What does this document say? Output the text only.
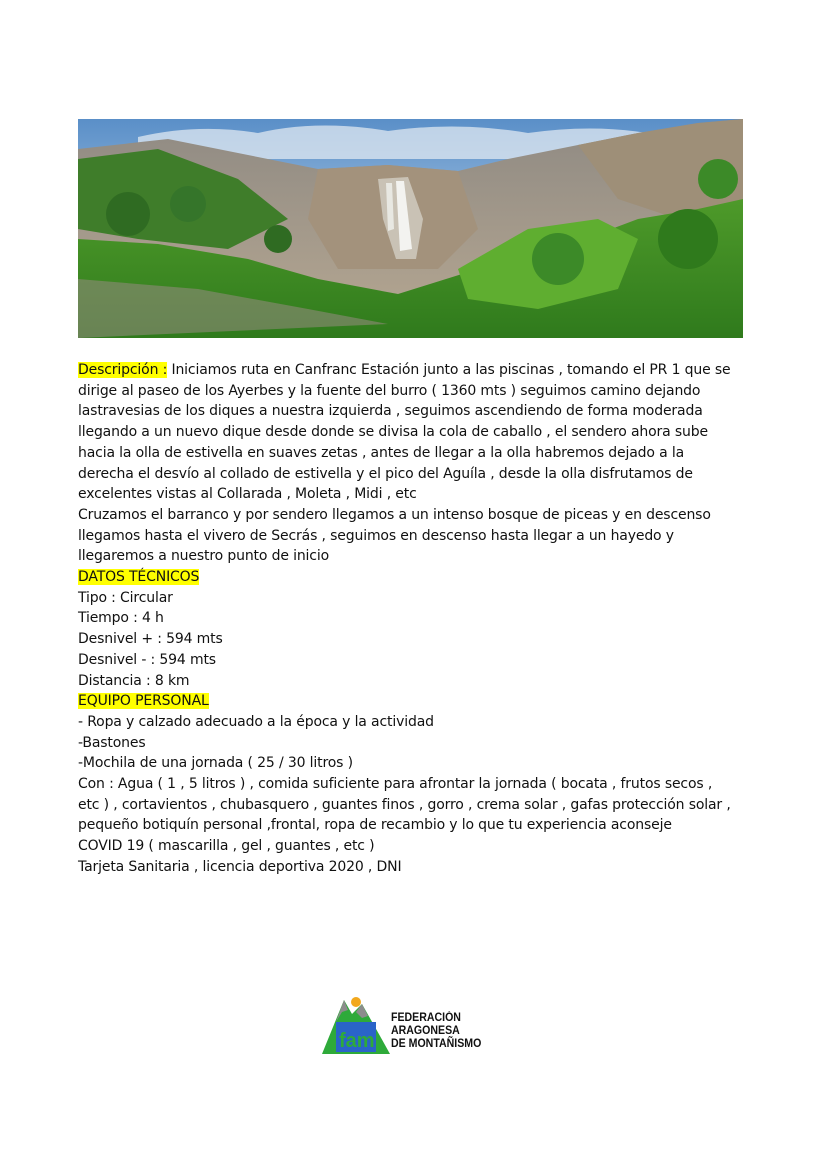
Descripción : Iniciamos ruta en Canfranc Estación junto a las piscinas , tomando el PR 1 que se

dirige al paseo de los Ayerbes y la fuente del burro ( 1360 mts ) seguimos camino dejando

lastravesias de los diques a nuestra izquierda , seguimos ascendiendo de forma moderada

llegando a un nuevo dique desde donde se divisa la cola de caballo , el sendero ahora sube

hacia la olla de estivella en suaves zetas , antes de llegar a la olla habremos dejado a la

derecha el desvío al collado de estivella y el pico del Aguíla , desde la olla disfrutamos de

excelentes vistas al Collarada , Moleta , Midi , etc

Cruzamos el barranco y por sendero llegamos a un intenso bosque de piceas y en descenso

llegamos hasta el vivero de Secrás , seguimos en descenso hasta llegar a un hayedo y

llegaremos a nuestro punto de inicio

DATOS TÉCNICOS

Tipo : Circular

Tiempo : 4 h

Desnivel + : 594 mts

Desnivel - : 594 mts

Distancia : 8 km

EQUIPO PERSONAL

- Ropa y calzado adecuado a la época y la actividad

-Bastones

-Mochila de una jornada ( 25 / 30 litros )

Con : Agua ( 1 , 5 litros ) , comida suficiente para afrontar la jornada ( bocata , frutos secos ,

etc ) , cortavientos , chubasquero , guantes finos , gorro , crema solar , gafas protección solar ,

pequeño botiquín personal ,frontal, ropa de recambio y lo que tu experiencia aconseje

COVID 19 ( mascarilla , gel , guantes , etc )

Tarjeta Sanitaria , licencia deportiva 2020 , DNI

fam
FEDERACIÓN
ARAGONESA
DE MONTAÑISMO
